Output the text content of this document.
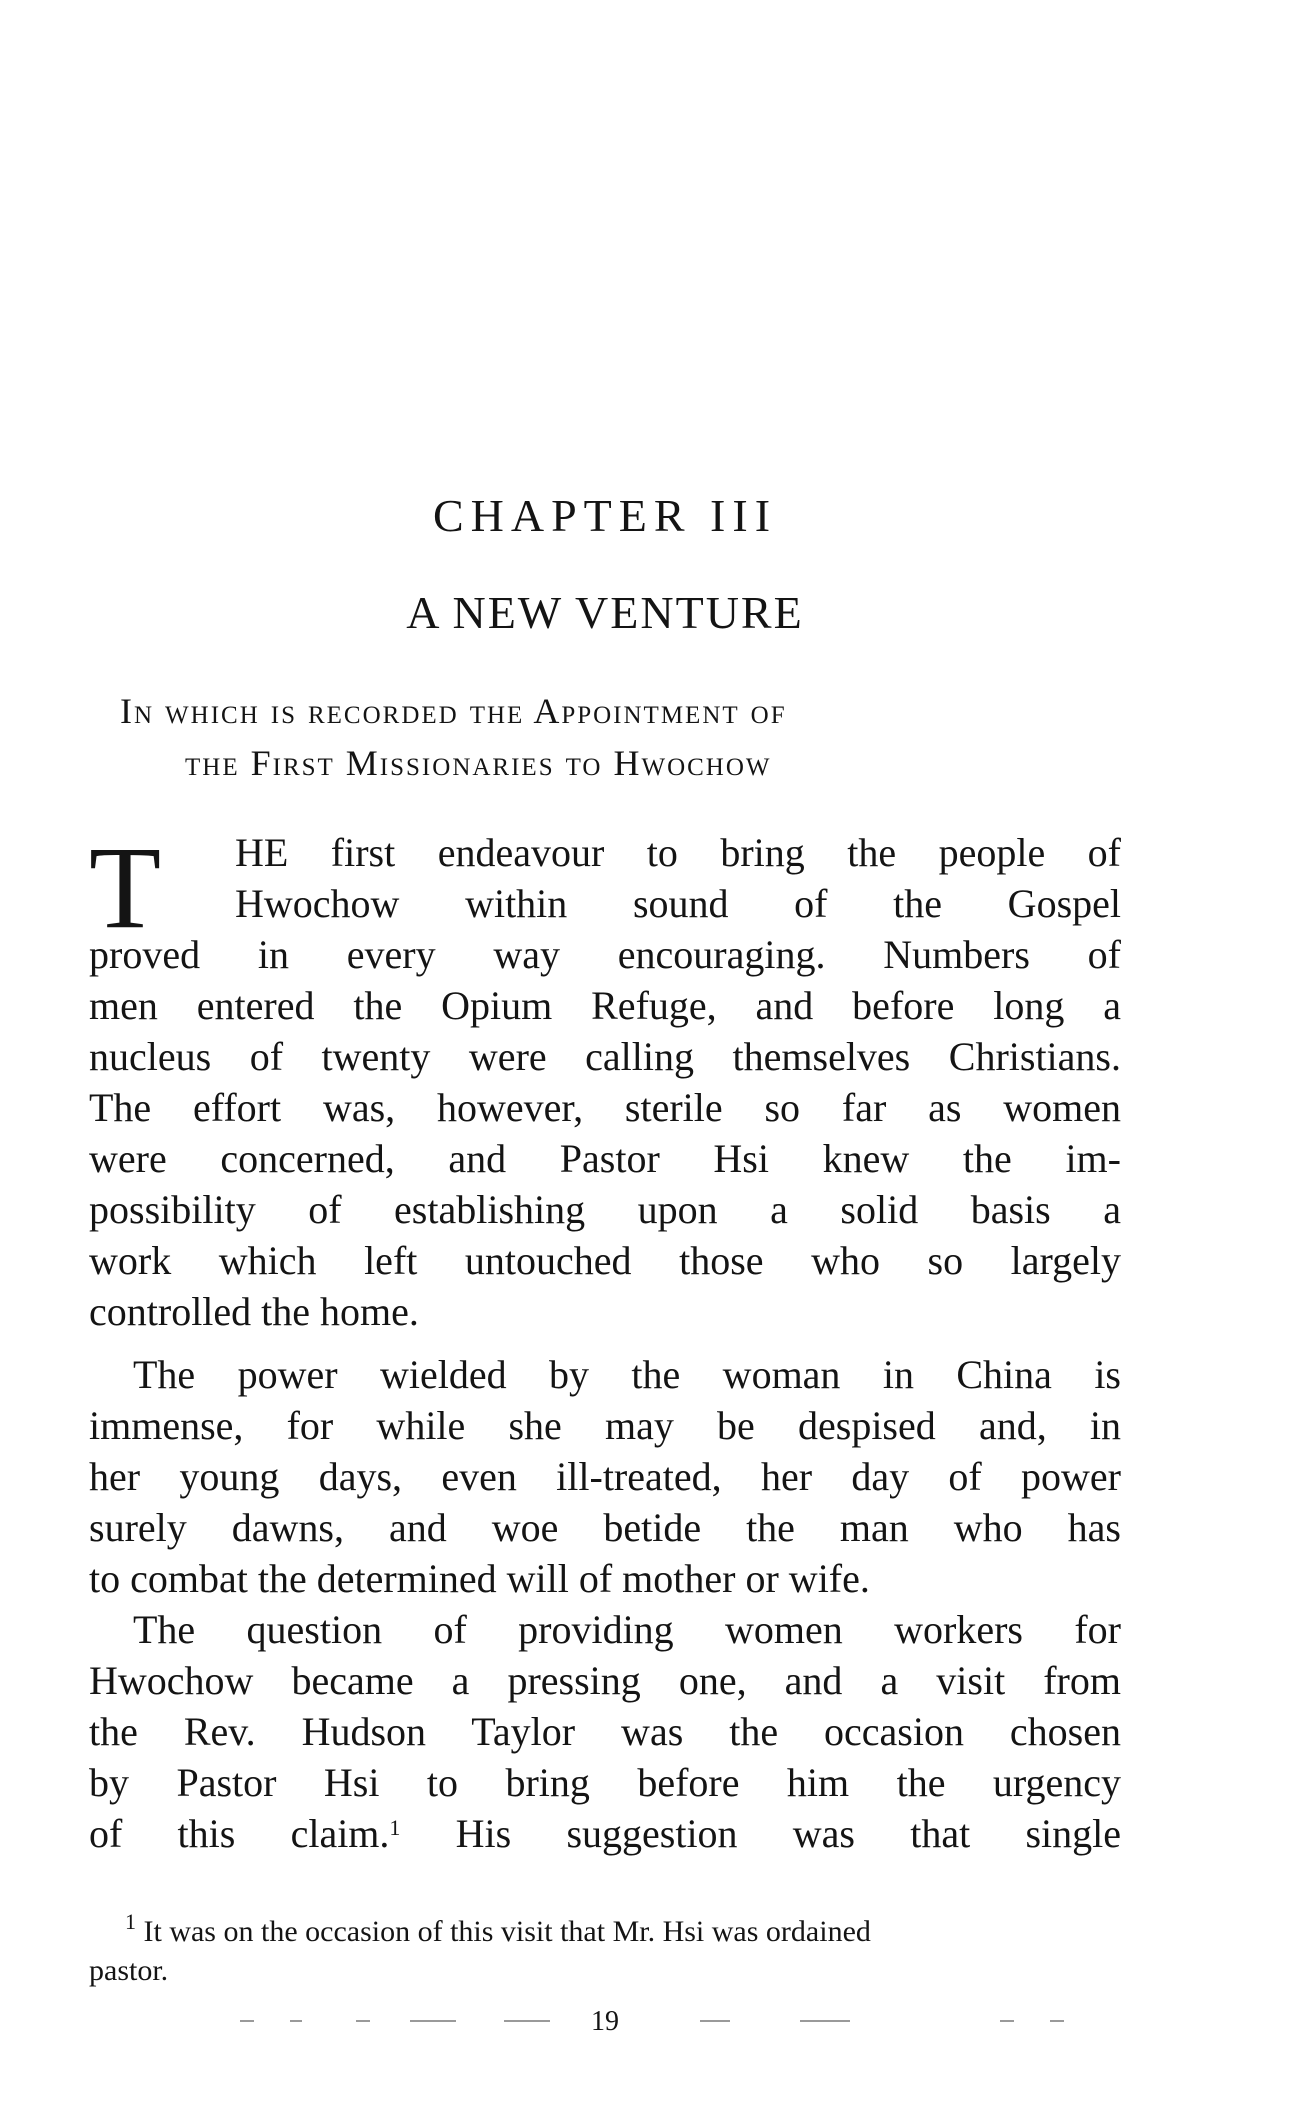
CHAPTER III
A NEW VENTURE
In which is recorded the Appointment of
the First Missionaries to Hwochow
T	HE first endeavour to bring the people of
Hwochow within sound of the Gospel
proved in every way encouraging. Numbers of
men entered the Opium Refuge, and before long a
nucleus of twenty were calling themselves Christians.
The effort was, however, sterile so far as women
were concerned, and Pastor Hsi knew the im-
possibility of establishing upon a solid basis a
work which left untouched those who so largely
controlled the home.
The power wielded by the woman in China is
immense, for while she may be despised and, in
her young days, even ill-treated, her day of power
surely dawns, and woe betide the man who has
to combat the determined will of mother or wife.
The question of providing women workers for
Hwochow became a pressing one, and a visit from
the Rev. Hudson Taylor was the occasion chosen
by Pastor Hsi to bring before him the urgency
of this claim.$^1$ His suggestion was that single
$^1$ It was on the occasion of this visit that Mr. Hsi was ordained
pastor.
19
